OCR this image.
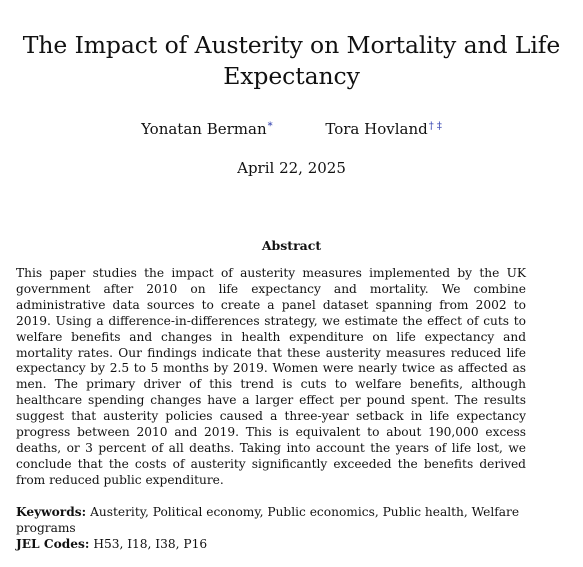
The Impact of Austerity on Mortality and Life Expectancy
Yonatan Berman*	Tora Hovland† ‡
April 22, 2025
Abstract

This paper studies the impact of austerity measures implemented by the UK government after 2010 on life expectancy and mortality. We combine administrative data sources to create a panel dataset spanning from 2002 to 2019. Using a difference-in-differences strategy, we estimate the effect of cuts to welfare benefits and changes in health expenditure on life expectancy and mortality rates. Our findings indicate that these austerity measures reduced life expectancy by 2.5 to 5 months by 2019. Women were nearly twice as affected as men. The primary driver of this trend is cuts to welfare benefits, although healthcare spending changes have a larger effect per pound spent. The results suggest that austerity policies caused a three-year setback in life expectancy progress between 2010 and 2019. This is equivalent to about 190,000 excess deaths, or 3 percent of all deaths. Taking into account the years of life lost, we conclude that the costs of austerity significantly exceeded the benefits derived from reduced public expenditure.

Keywords: Austerity, Political economy, Public economics, Public health, Welfare programs

JEL Codes: H53, I18, I38, P16
